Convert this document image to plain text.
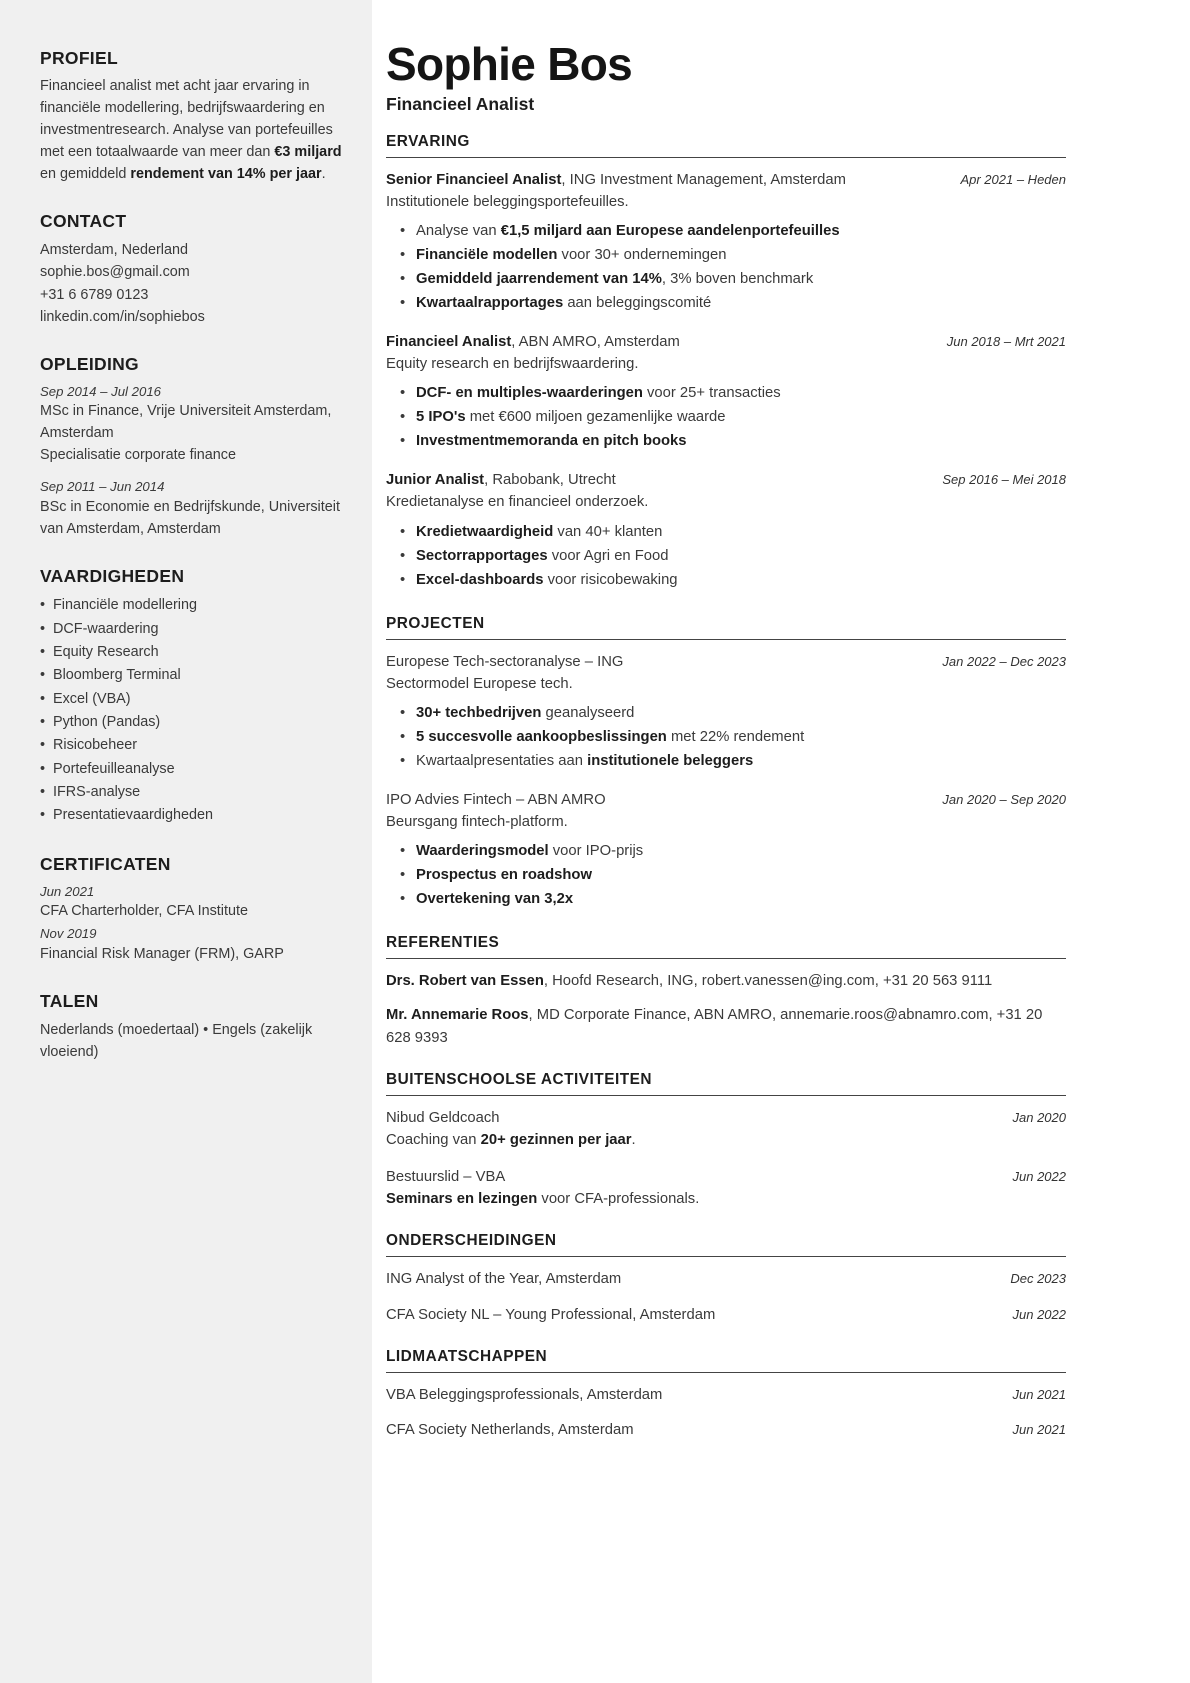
PROFIEL
Financieel analist met acht jaar ervaring in financiële modellering, bedrijfswaardering en investmentresearch. Analyse van portefeuilles met een totaalwaarde van meer dan €3 miljard en gemiddeld rendement van 14% per jaar.
CONTACT
Amsterdam, Nederland
sophie.bos@gmail.com
+31 6 6789 0123
linkedin.com/in/sophiebos
OPLEIDING
Sep 2014 – Jul 2016
MSc in Finance, Vrije Universiteit Amsterdam, Amsterdam
Specialisatie corporate finance
Sep 2011 – Jun 2014
BSc in Economie en Bedrijfskunde, Universiteit van Amsterdam, Amsterdam
VAARDIGHEDEN
• Financiële modellering
• DCF-waardering
• Equity Research
• Bloomberg Terminal
• Excel (VBA)
• Python (Pandas)
• Risicobeheer
• Portefeuilleanalyse
• IFRS-analyse
• Presentatievaardigheden
CERTIFICATEN
Jun 2021
CFA Charterholder, CFA Institute
Nov 2019
Financial Risk Manager (FRM), GARP
TALEN
Nederlands (moedertaal) • Engels (zakelijk vloeiend)
Sophie Bos
Financieel Analist
ERVARING
Senior Financieel Analist, ING Investment Management, Amsterdam	Apr 2021 – Heden
Institutionele beleggingsportefeuilles.
• Analyse van €1,5 miljard aan Europese aandelenportefeuilles
• Financiële modellen voor 30+ ondernemingen
• Gemiddeld jaarrendement van 14%, 3% boven benchmark
• Kwartaalrapportages aan beleggingscomité
Financieel Analist, ABN AMRO, Amsterdam	Jun 2018 – Mrt 2021
Equity research en bedrijfswaardering.
• DCF- en multiples-waarderingen voor 25+ transacties
• 5 IPO's met €600 miljoen gezamenlijke waarde
• Investmentmemoranda en pitch books
Junior Analist, Rabobank, Utrecht	Sep 2016 – Mei 2018
Kredietanalyse en financieel onderzoek.
• Kredietwaardigheid van 40+ klanten
• Sectorrapportages voor Agri en Food
• Excel-dashboards voor risicobewaking
PROJECTEN
Europese Tech-sectoranalyse – ING	Jan 2022 – Dec 2023
Sectormodel Europese tech.
• 30+ techbedrijven geanalyseerd
• 5 succesvolle aankoopbeslissingen met 22% rendement
• Kwartaalpresentaties aan institutionele beleggers
IPO Advies Fintech – ABN AMRO	Jan 2020 – Sep 2020
Beursgang fintech-platform.
• Waarderingsmodel voor IPO-prijs
• Prospectus en roadshow
• Overtekening van 3,2x
REFERENTIES
Drs. Robert van Essen, Hoofd Research, ING, robert.vanessen@ing.com, +31 20 563 9111
Mr. Annemarie Roos, MD Corporate Finance, ABN AMRO, annemarie.roos@abnamro.com, +31 20 628 9393
BUITENSCHOOLSE ACTIVITEITEN
Nibud Geldcoach	Jan 2020
Coaching van 20+ gezinnen per jaar.
Bestuurslid – VBA	Jun 2022
Seminars en lezingen voor CFA-professionals.
ONDERSCHEIDINGEN
ING Analyst of the Year, Amsterdam	Dec 2023
CFA Society NL – Young Professional, Amsterdam	Jun 2022
LIDMAATSCHAPPEN
VBA Beleggingsprofessionals, Amsterdam	Jun 2021
CFA Society Netherlands, Amsterdam	Jun 2021
